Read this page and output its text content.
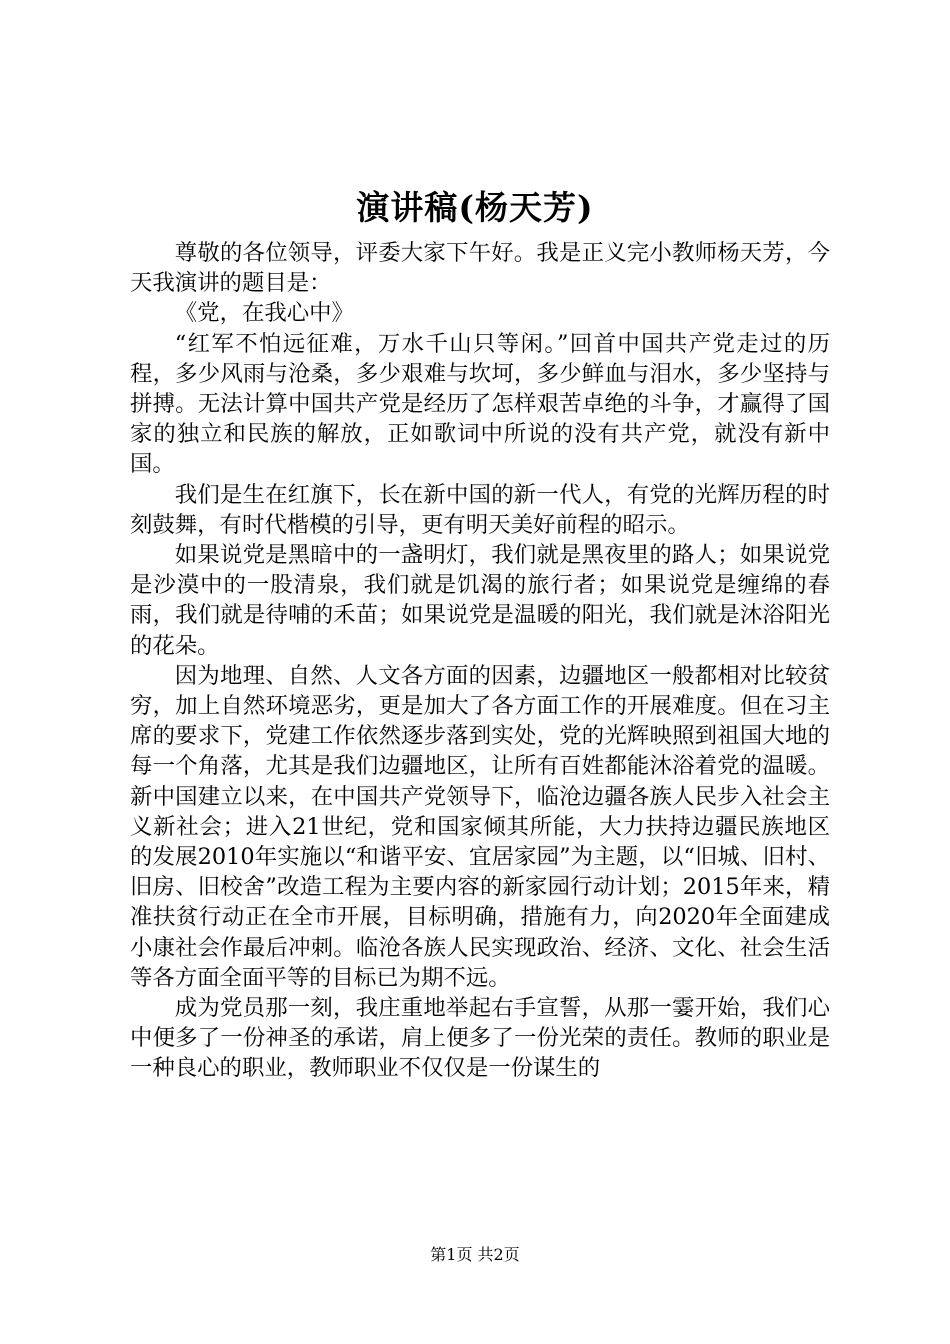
演讲稿(杨天芳)

尊敬的各位领导，评委大家下午好。我是正义完小教师杨天芳，今天我演讲的题目是：

《党，在我心中》

“红军不怕远征难，万水千山只等闲。”回首中国共产党走过的历程，多少风雨与沧桑，多少艰难与坎坷，多少鲜血与泪水，多少坚持与拼搏。无法计算中国共产党是经历了怎样艰苦卓绝的斗争，才赢得了国家的独立和民族的解放，正如歌词中所说的没有共产党，就没有新中国。

我们是生在红旗下，长在新中国的新一代人，有党的光辉历程的时刻鼓舞，有时代楷模的引导，更有明天美好前程的昭示。

如果说党是黑暗中的一盏明灯，我们就是黑夜里的路人；如果说党是沙漠中的一股清泉，我们就是饥渴的旅行者；如果说党是缠绵的春雨，我们就是待哺的禾苗；如果说党是温暖的阳光，我们就是沐浴阳光的花朵。

因为地理、自然、人文各方面的因素，边疆地区一般都相对比较贫穷，加上自然环境恶劣，更是加大了各方面工作的开展难度。但在习主席的要求下，党建工作依然逐步落到实处，党的光辉映照到祖国大地的每一个角落，尤其是我们边疆地区，让所有百姓都能沐浴着党的温暖。新中国建立以来，在中国共产党领导下，临沧边疆各族人民步入社会主义新社会；进入21世纪，党和国家倾其所能，大力扶持边疆民族地区的发展2010年实施以“和谐平安、宜居家园”为主题，以“旧城、旧村、旧房、旧校舍”改造工程为主要内容的新家园行动计划；2015年来，精准扶贫行动正在全市开展，目标明确，措施有力，向2020年全面建成小康社会作最后冲刺。临沧各族人民实现政治、经济、文化、社会生活等各方面全面平等的目标已为期不远。

成为党员那一刻，我庄重地举起右手宣誓，从那一霎开始，我们心中便多了一份神圣的承诺，肩上便多了一份光荣的责任。教师的职业是一种良心的职业，教师职业不仅仅是一份谋生的

第1页 共2页
